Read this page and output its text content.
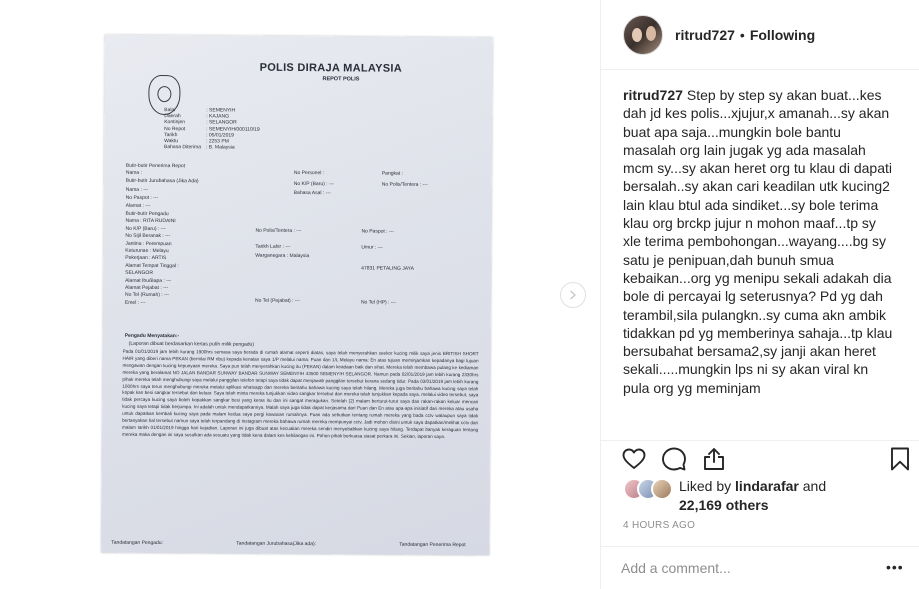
POLIS DIRAJA MALAYSIA
REPOT POLIS
Balai
Daerah
Kontinjen
No Repot
Tarikh
Waktu
Bahasa Diterima
: SEMENYIH
: KAJANG
: SELANGOR
: SEMENYIH/000110/19
: 05/01/2019
: 2253 PM
: B. Malaysia
Butir-butir Penerima Repot
Nama :
Butir-butir Jurubahasa (Jika Ada)
Nama : ---
No Paspot : ---
Alamat : ---
No Personel :
No K/P (Baru) : ---
Bahasa Asal : ---
Pangkat :
No Polis/Tentera : ---
Butir-butir Pengadu
Nama : RITA RUDAINI
No K/P (Baru) : ---
No Sijil Beranak : ---
Jantina : Perempuan
Keturunan : Melayu
Pekerjaan : ARTIS
Alamat Tempat Tinggal :
SELANGOR
Alamat Ibu/Bapa : ---
Alamat Pejabat : ---
No Tel (Rumah) : ---
Emel : ---
No Polis/Tentera : ---
Tarikh Lahir : ---
Warganegara : Malaysia
No Tel (Pejabat) : ---
No Paspot : ---
Umur : ---
47831 PETALING JAYA
No Tel (HP) : ---
Pengadu Menyatakan:-
(Laporan dibuat berdasarkan kertas putih milik pengadu)
Pada 01/01/2019 jam lebih kurang 1900hrs semasa saya berada di rumah alamat seperti diatas, saya telah menyerahkan seekor kucing milik saya jenis BRITISH SHORT HAIR yang diberi nama PEKAN (bernilai RM ribu) kepada kenalan saya 1/P melalui nama: Puan dan 1/L Melayu nama: En atas tujuan meminjamkan kepadanya bagi tujuan mengawan dengan kucing kepunyaan mereka. Saya pun telah menyerahkan kucing itu (PEKAN) dalam keadaan baik dan sihat. Mereka telah membawa pulang ke kediaman mereka yang beralamat NO JALAN BANDAR SUNWAY BANDAR SUNWAY SEMENYIH 43500 SEMENYIH SELANGOR. Namun pada 02/01/2019 jam lebih kurang 2330hrs pihak mereka telah menghubungi saya melalui panggilan telefon tetapi saya tidak dapat menjawab panggilan tersebut kerana sedang tidur. Pada 03/01/2019 jam lebih kurang 1000hrs saya terus menghubungi mereka melalui aplikasi whatsapp dan mereka beritahu bahawa kucing saya telah hilang. Mereka juga beritahu bahawa kucing saya telah kopak kan besi sangkar tersebut dan keluar. Saya telah minta mereka tunjukkan video sangkar tersebut dan mereka telah tunjukkan kepada saya. melalui video tersebut, saya tidak percaya kucing saya boleh kopakkan sangkar besi yang keras itu dan ini sangat meragukan. Setelah (2) malam berturut-turut saya dan rakan-rakan keluar mencari kucing saya tetapi tidak berjumpa. Ini adalah untuk mendapatkannya. Malah saya juga tidak dapat kerjasama dari Puan dan En atau apa-apa inisiatif dari mereka atau usaha untuk dapatkan kembali kucing saya pada malam kedua saya pergi kawasan rumahnya. Puan ada sebutkan tentang rumah mereka yang bada cctv walaupun saya tidak bertanyakan hal tersebut namun saya telah terpandang di Instagram mereka bahawa rumah mereka mempunyai cctv. Jadi mohon disini untuk saya dapatkan/melihat cctv dari malam tarikh 01/01/2019 hingga hari kejadian. Laporan ini juga dibuat atas kecualian mereka sendiri menyebabkan kucing saya hilang. Terdapat banyak keraguan tentang mereka maka dengan ini saya susulkan ada sesuatu yang tidak kena dalam kes kehilangan ini. Pohon pihak berkuasa siasat perkara ini. Sekian, laporan saya.
Tandatangan Pengadu:	Tandatangan Jurubahasa(Jika ada):	Tandatangan Penerima Repot
ritrud727 • Following
ritrud727 Step by step sy akan buat...kes dah jd kes polis...xjujur,x amanah...sy akan buat apa saja...mungkin bole bantu masalah org lain jugak yg ada masalah mcm sy...sy akan heret org tu klau di dapati bersalah..sy akan cari keadilan utk kucing2 lain klau btul ada sindiket...sy bole terima klau org brckp jujur n mohon maaf...tp sy xle terima pembohongan...wayang....bg sy satu je penipuan,dah bunuh smua kebaikan...org yg menipu sekali adakah dia bole di percayai lg seterusnya? Pd yg dah terambil,sila pulangkn..sy cuma akn ambik tidakkan pd yg memberinya sahaja...tp klau bersubahat bersama2,sy janji akan heret sekali.....mungkin lps ni sy akan viral kn pula org yg meminjam
Liked by lindarafar and
22,169 others
4 HOURS AGO
Add a comment...
•••
